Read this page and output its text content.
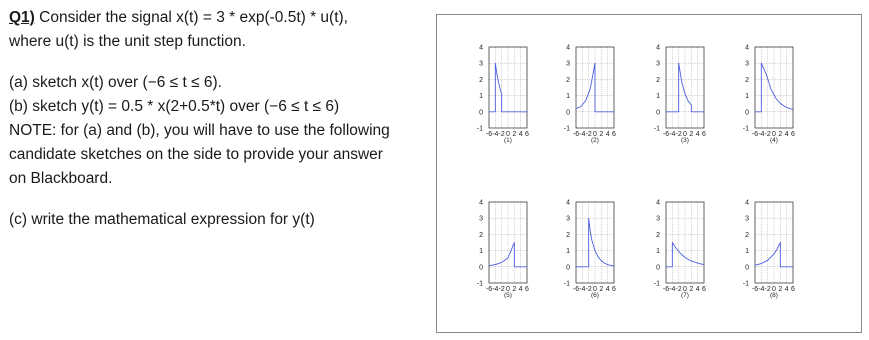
Q1) Consider the signal x(t) = 3 * exp(-0.5t) * u(t),

where u(t) is the unit step function.

(a) sketch x(t) over (−6 ≤ t ≤ 6).

(b) sketch y(t) = 0.5 * x(2+0.5*t) over (−6 ≤ t ≤ 6)

NOTE: for (a) and (b), you will have to use the following

candidate sketches on the side to provide your answer

on Blackboard.

(c) write the mathematical expression for y(t)

-1
0
1
2
3
4
-6 -4 -2 0 2 4 6
(1)
-1
0
1
2
3
4
-6 -4 -2 0 2 4 6
(2)
-1
0
1
2
3
4
-6 -4 -2 0 2 4 6
(3)
-1
0
1
2
3
4
-6 -4 -2 0 2 4 6
(4)
-1
0
1
2
3
4
-6 -4 -2 0 2 4 6
(5)
-1
0
1
2
3
4
-6 -4 -2 0 2 4 6
(6)
-1
0
1
2
3
4
-6 -4 -2 0 2 4 6
(7)
-1
0
1
2
3
4
-6 -4 -2 0 2 4 6
(8)
